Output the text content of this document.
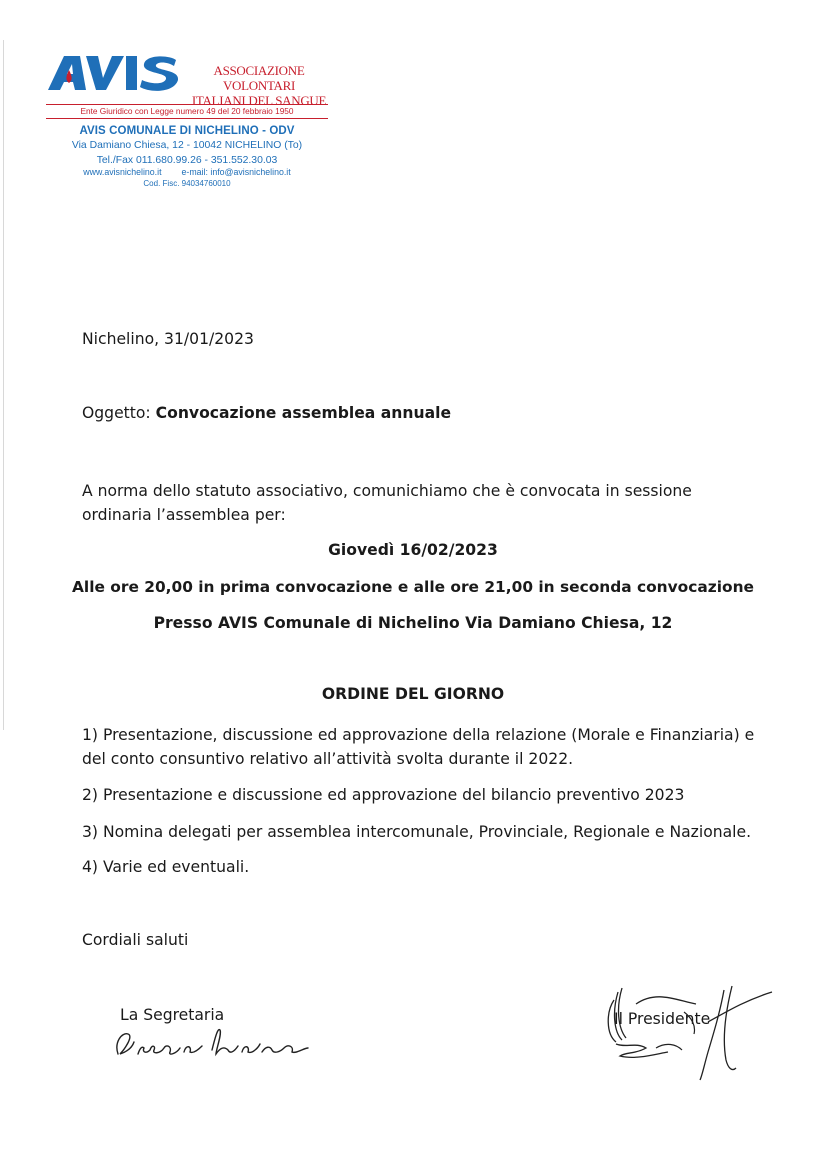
ASSOCIAZIONE VOLONTARI
ITALIANI DEL SANGUE
Ente Giuridico con Legge numero 49 del 20 febbraio 1950
AVIS COMUNALE DI NICHELINO - ODV
Via Damiano Chiesa, 12 - 10042 NICHELINO (To)
Tel./Fax 011.680.99.26 - 351.552.30.03
www.avisnichelino.it e-mail: info@avisnichelino.it
Cod. Fisc. 94034760010
Nichelino, 31/01/2023
Oggetto: Convocazione assemblea annuale
A norma dello statuto associativo, comunichiamo che è convocata in sessione ordinaria l’assemblea per:
Giovedì 16/02/2023
Alle ore 20,00 in prima convocazione e alle ore 21,00 in seconda convocazione
Presso AVIS Comunale di Nichelino Via Damiano Chiesa, 12
ORDINE DEL GIORNO
1) Presentazione, discussione ed approvazione della relazione (Morale e Finanziaria) e del conto consuntivo relativo all’attività svolta durante il 2022.
2) Presentazione e discussione ed approvazione del bilancio preventivo 2023
3) Nomina delegati per assemblea intercomunale, Provinciale, Regionale e Nazionale.
4) Varie ed eventuali.
Cordiali saluti
La Segretaria	Il Presidente
